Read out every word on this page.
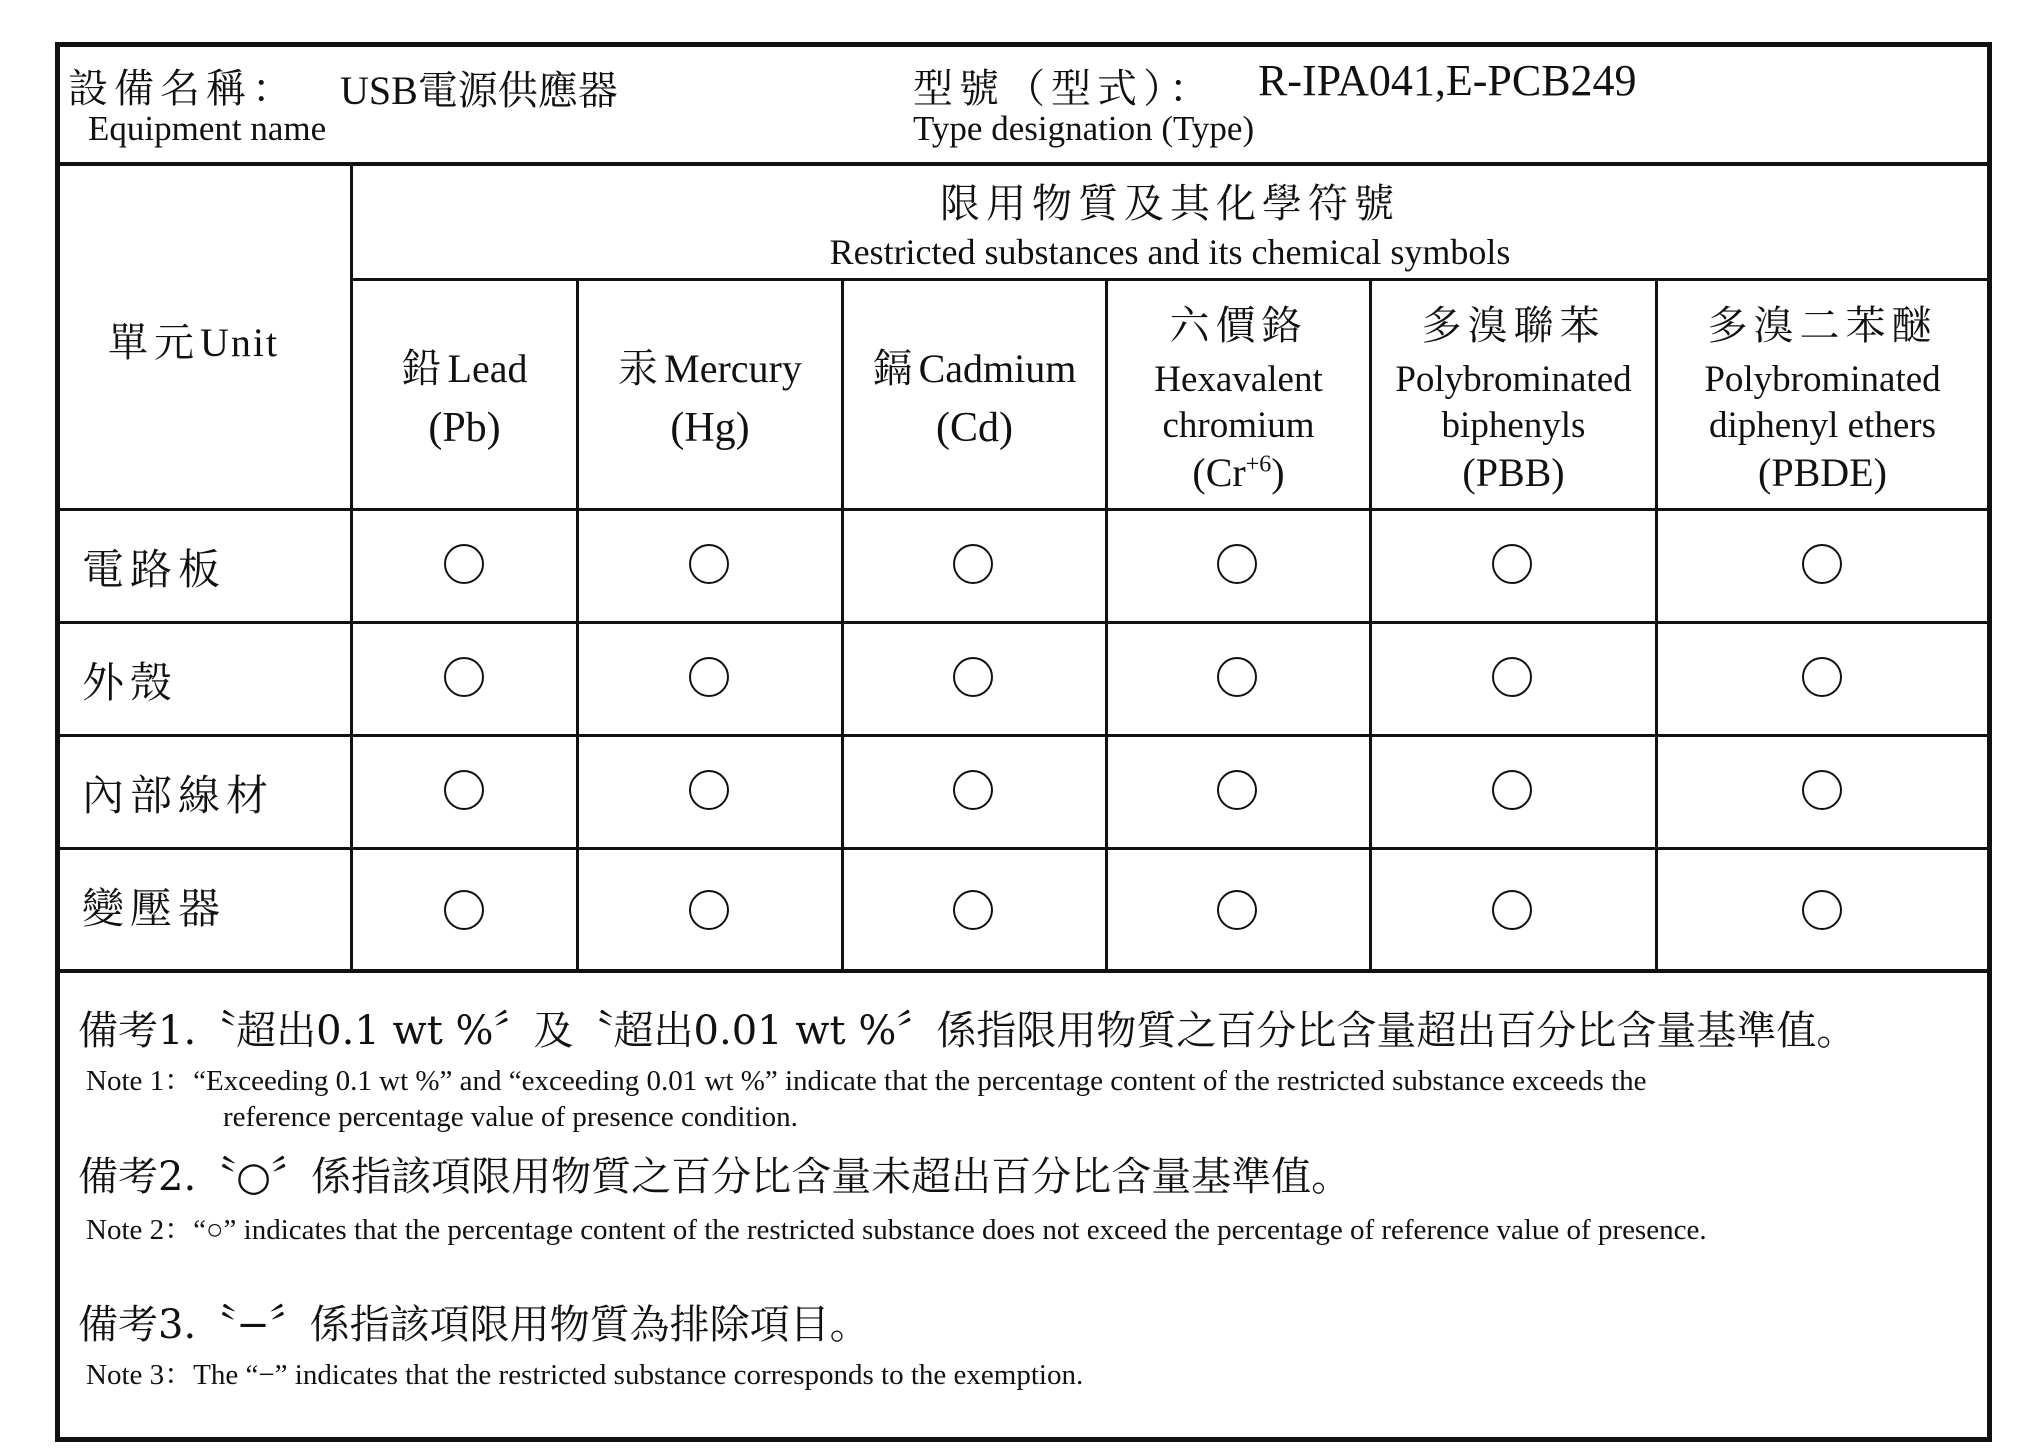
設備名稱： USB電源供應器
Equipment name
型號（型式）： R-IPA041,E-PCB249
Type designation (Type)
單元Unit
限用物質及其化學符號
Restricted substances and its chemical symbols
鉛Lead
(Pb)
汞Mercury
(Hg)
鎘Cadmium
(Cd)
六價鉻
Hexavalent chromium
$(Cr^{+6})$
多溴聯苯
Polybrominated biphenyls
(PBB)
多溴二苯醚
Polybrominated diphenyl ethers
(PBDE)
電路板
外殼
內部線材
變壓器
備考1.〝超出0.1 wt %〞及〝超出0.01 wt %〞係指限用物質之百分比含量超出百分比含量基準值。
Note 1：“Exceeding 0.1 wt %” and “exceeding 0.01 wt %” indicate that the percentage content of the restricted substance exceeds the
reference percentage value of presence condition.
備考2.〝○〞係指該項限用物質之百分比含量未超出百分比含量基準值。
Note 2：“○” indicates that the percentage content of the restricted substance does not exceed the percentage of reference value of presence.
備考3.〝−〞係指該項限用物質為排除項目。
Note 3：The “−” indicates that the restricted substance corresponds to the exemption.
